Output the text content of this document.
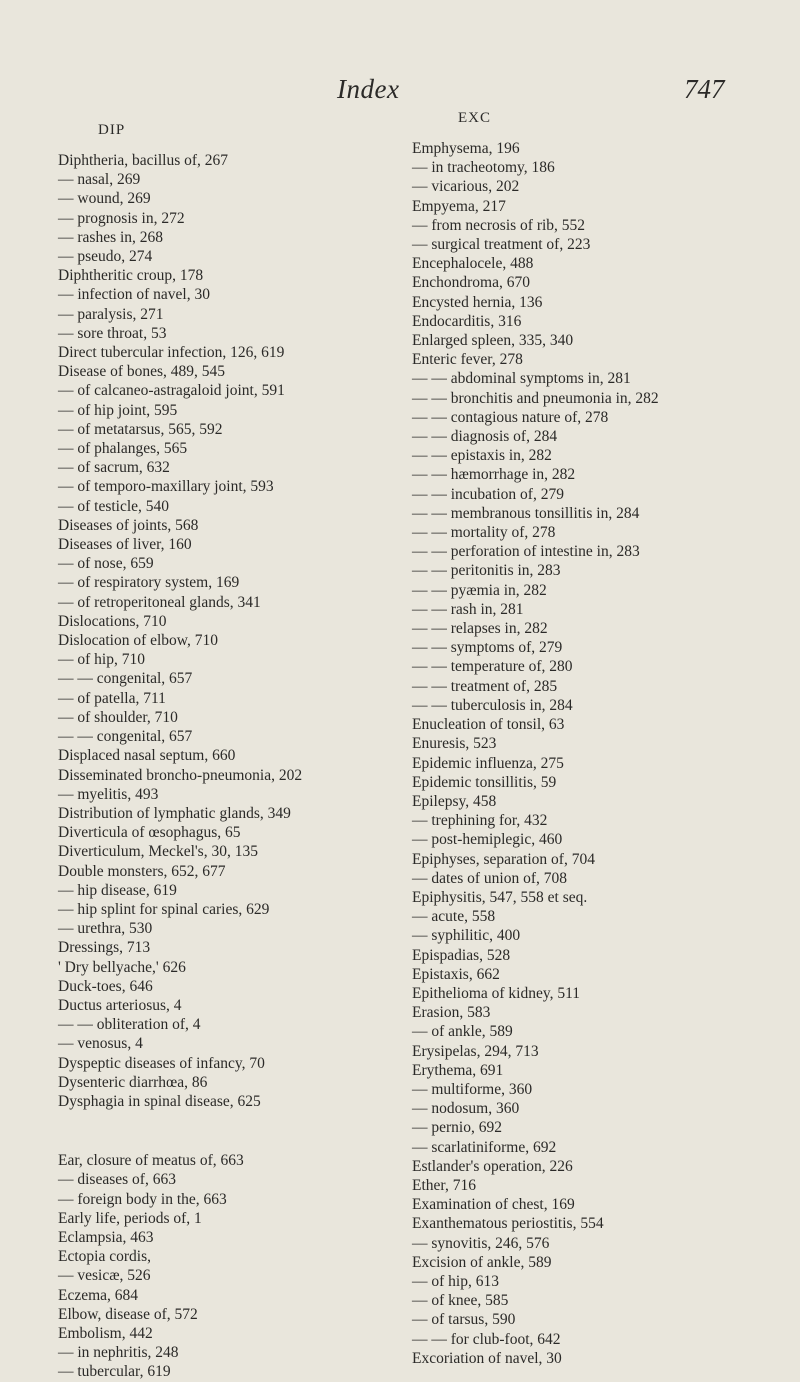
Index	747
DIP
Diphtheria, bacillus of, 267
— nasal, 269
— wound, 269
— prognosis in, 272
— rashes in, 268
— pseudo, 274
Diphtheritic croup, 178
— infection of navel, 30
— paralysis, 271
— sore throat, 53
Direct tubercular infection, 126, 619
Disease of bones, 489, 545
— of calcaneo-astragaloid joint, 591
— of hip joint, 595
— of metatarsus, 565, 592
— of phalanges, 565
— of sacrum, 632
— of temporo-maxillary joint, 593
— of testicle, 540
Diseases of joints, 568
Diseases of liver, 160
— of nose, 659
— of respiratory system, 169
— of retroperitoneal glands, 341
Dislocations, 710
Dislocation of elbow, 710
— of hip, 710
— — congenital, 657
— of patella, 711
— of shoulder, 710
— — congenital, 657
Displaced nasal septum, 660
Disseminated broncho-pneumonia, 202
— myelitis, 493
Distribution of lymphatic glands, 349
Diverticula of œsophagus, 65
Diverticulum, Meckel's, 30, 135
Double monsters, 652, 677
— hip disease, 619
— hip splint for spinal caries, 629
— urethra, 530
Dressings, 713
' Dry bellyache,' 626
Duck-toes, 646
Ductus arteriosus, 4
— — obliteration of, 4
— venosus, 4
Dyspeptic diseases of infancy, 70
Dysenteric diarrhœa, 86
Dysphagia in spinal disease, 625
Ear, closure of meatus of, 663
— diseases of, 663
— foreign body in the, 663
Early life, periods of, 1
Eclampsia, 463
Ectopia cordis,
— vesicæ, 526
Eczema, 684
Elbow, disease of, 572
Embolism, 442
— in nephritis, 248
— tubercular, 619
EXC
Emphysema, 196
— in tracheotomy, 186
— vicarious, 202
Empyema, 217
— from necrosis of rib, 552
— surgical treatment of, 223
Encephalocele, 488
Enchondroma, 670
Encysted hernia, 136
Endocarditis, 316
Enlarged spleen, 335, 340
Enteric fever, 278
— — abdominal symptoms in, 281
— — bronchitis and pneumonia in, 282
— — contagious nature of, 278
— — diagnosis of, 284
— — epistaxis in, 282
— — hæmorrhage in, 282
— — incubation of, 279
— — membranous tonsillitis in, 284
— — mortality of, 278
— — perforation of intestine in, 283
— — peritonitis in, 283
— — pyæmia in, 282
— — rash in, 281
— — relapses in, 282
— — symptoms of, 279
— — temperature of, 280
— — treatment of, 285
— — tuberculosis in, 284
Enucleation of tonsil, 63
Enuresis, 523
Epidemic influenza, 275
Epidemic tonsillitis, 59
Epilepsy, 458
— trephining for, 432
— post-hemiplegic, 460
Epiphyses, separation of, 704
— dates of union of, 708
Epiphysitis, 547, 558 et seq.
— acute, 558
— syphilitic, 400
Epispadias, 528
Epistaxis, 662
Epithelioma of kidney, 511
Erasion, 583
— of ankle, 589
Erysipelas, 294, 713
Erythema, 691
— multiforme, 360
— nodosum, 360
— pernio, 692
— scarlatiniforme, 692
Estlander's operation, 226
Ether, 716
Examination of chest, 169
Exanthematous periostitis, 554
— synovitis, 246, 576
Excision of ankle, 589
— of hip, 613
— of knee, 585
— of tarsus, 590
— — for club-foot, 642
Excoriation of navel, 30
